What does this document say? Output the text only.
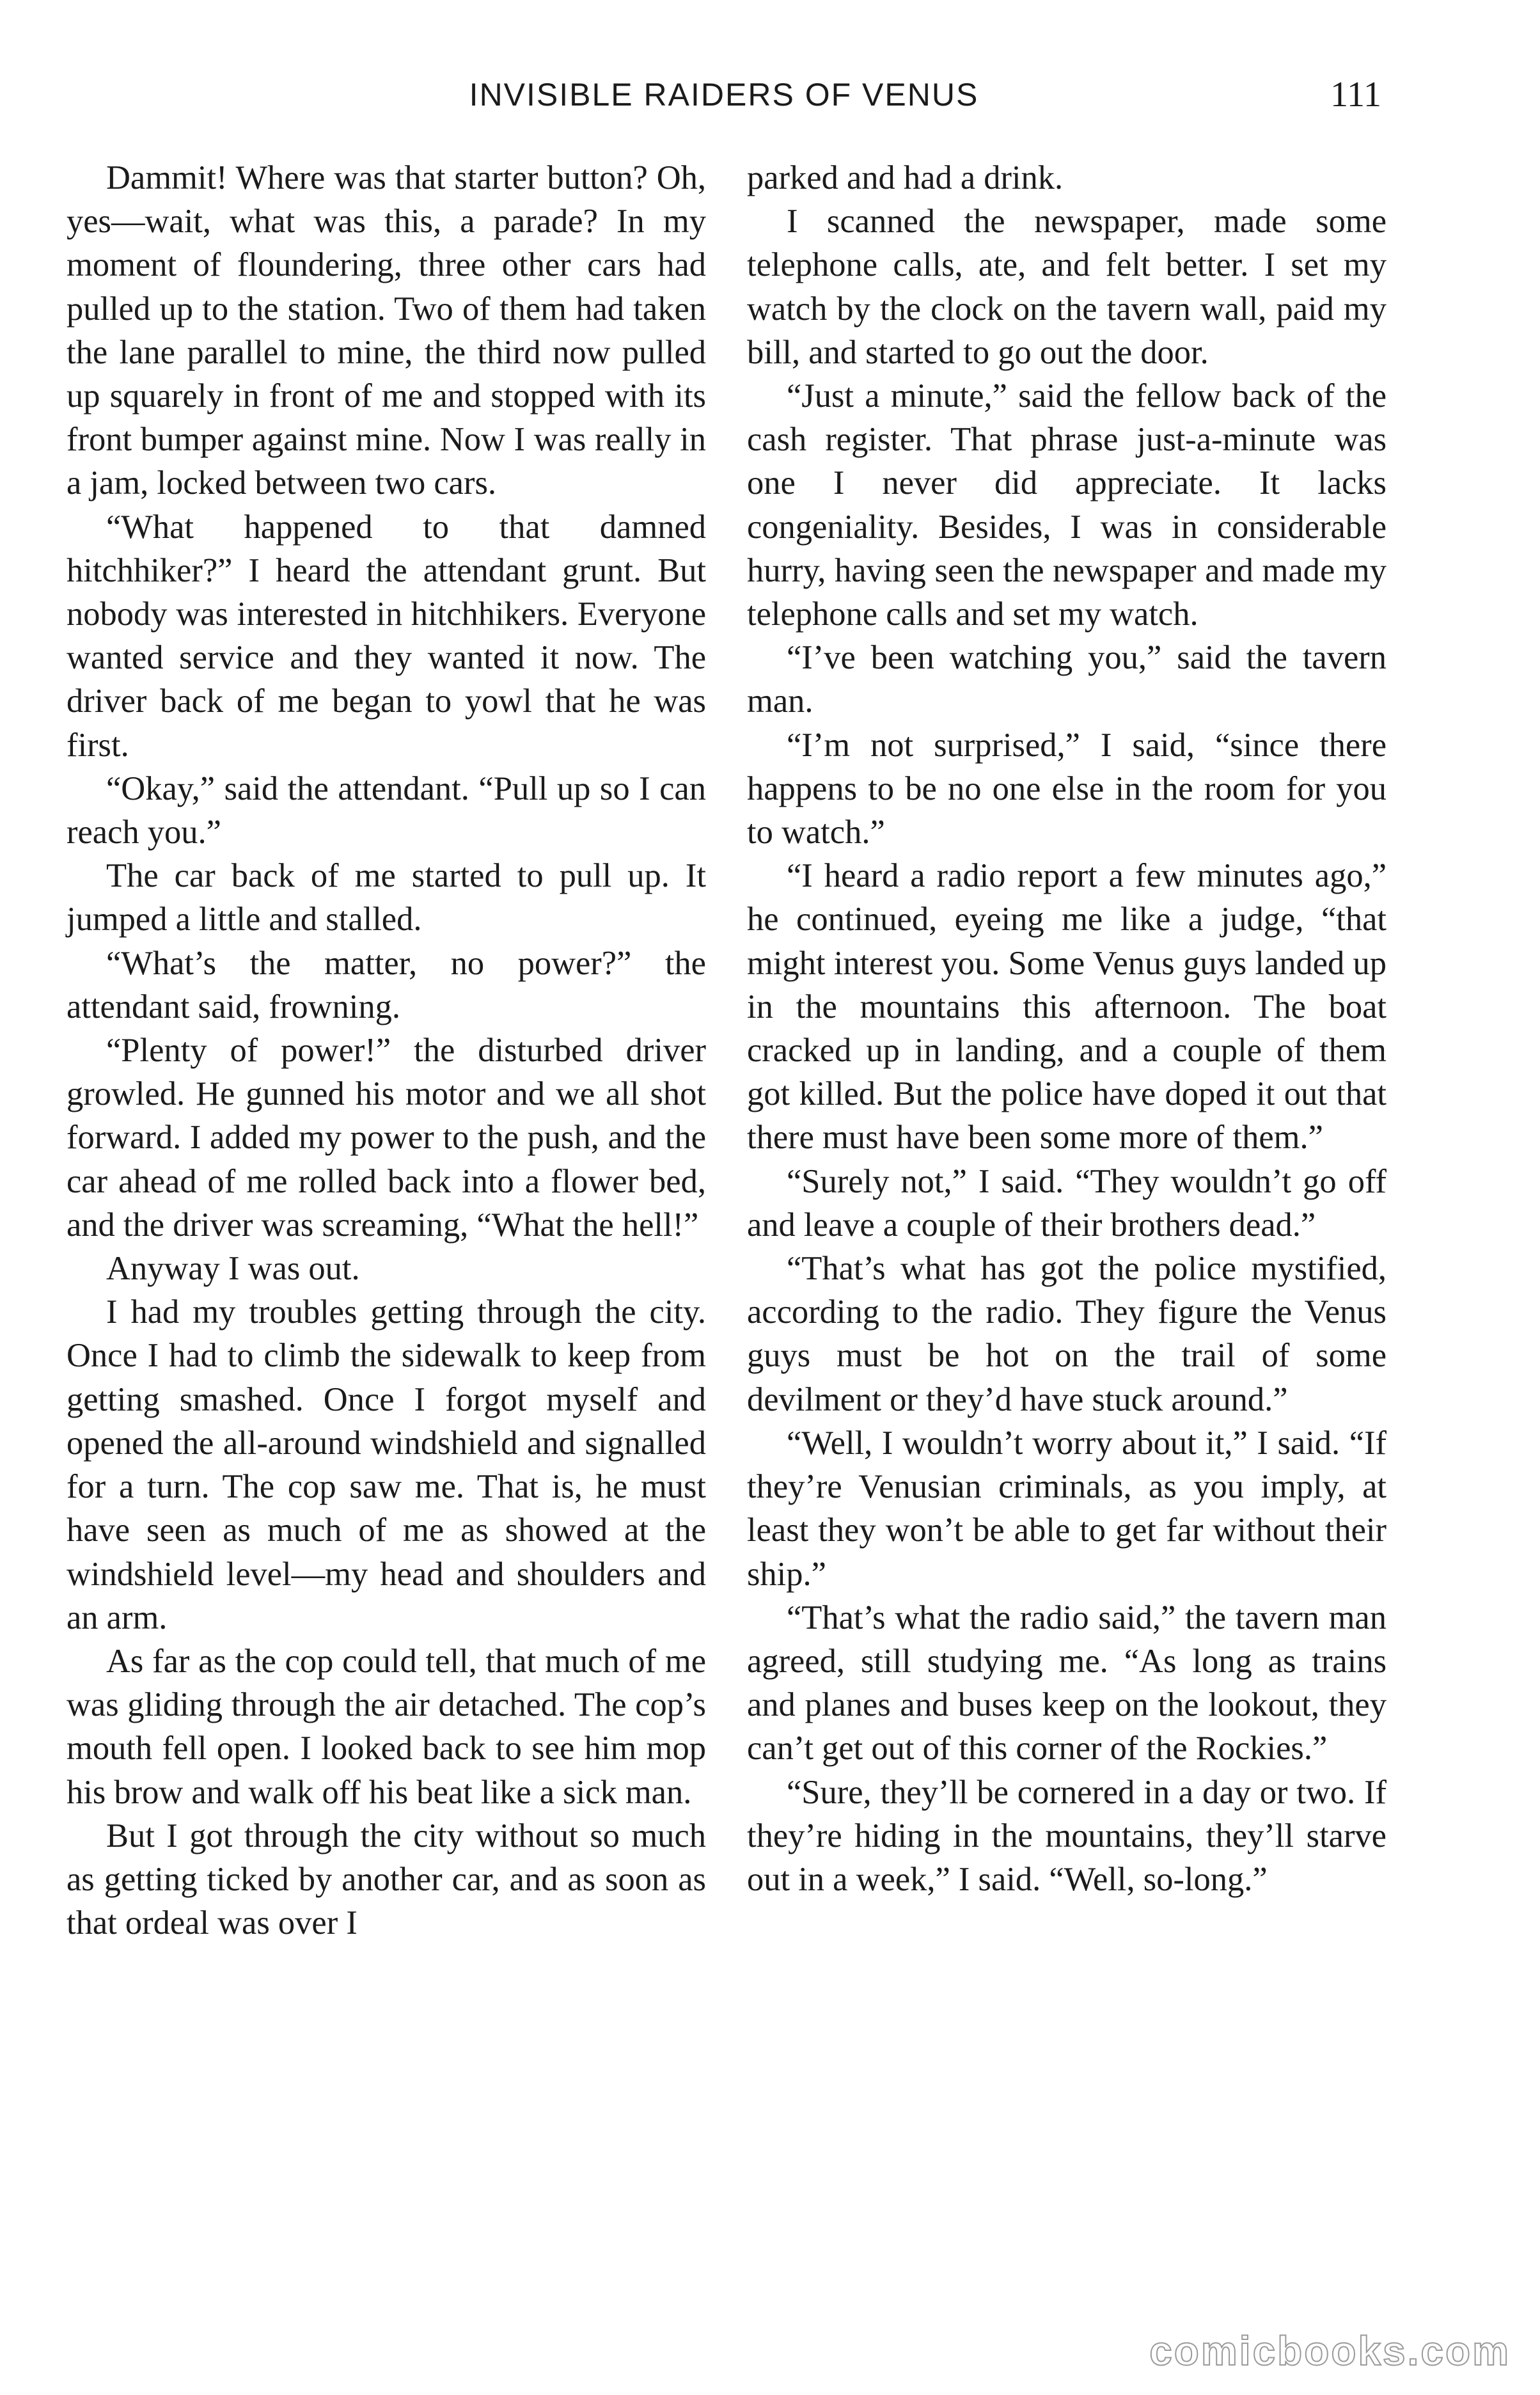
INVISIBLE RAIDERS OF VENUS	111

Dammit! Where was that starter button? Oh, yes—wait, what was this, a parade? In my moment of floundering, three other cars had pulled up to the station. Two of them had taken the lane parallel to mine, the third now pulled up squarely in front of me and stopped with its front bumper against mine. Now I was really in a jam, locked between two cars.

“What happened to that damned hitchhiker?” I heard the attendant grunt. But nobody was interested in hitchhikers. Everyone wanted service and they wanted it now. The driver back of me began to yowl that he was first.

“Okay,” said the attendant. “Pull up so I can reach you.”

The car back of me started to pull up. It jumped a little and stalled.

“What’s the matter, no power?” the attendant said, frowning.

“Plenty of power!” the disturbed driver growled. He gunned his motor and we all shot forward. I added my power to the push, and the car ahead of me rolled back into a flower bed, and the driver was screaming, “What the hell!”

Anyway I was out.

I had my troubles getting through the city. Once I had to climb the sidewalk to keep from getting smashed. Once I forgot myself and opened the all-around windshield and signalled for a turn. The cop saw me. That is, he must have seen as much of me as showed at the windshield level—my head and shoulders and an arm.

As far as the cop could tell, that much of me was gliding through the air detached. The cop’s mouth fell open. I looked back to see him mop his brow and walk off his beat like a sick man.

But I got through the city without so much as getting ticked by another car, and as soon as that ordeal was over I

parked and had a drink.

I scanned the newspaper, made some telephone calls, ate, and felt better. I set my watch by the clock on the tavern wall, paid my bill, and started to go out the door.

“Just a minute,” said the fellow back of the cash register. That phrase just-a-minute was one I never did appreciate. It lacks congeniality. Besides, I was in considerable hurry, having seen the newspaper and made my telephone calls and set my watch.

“I’ve been watching you,” said the tavern man.

“I’m not surprised,” I said, “since there happens to be no one else in the room for you to watch.”

“I heard a radio report a few minutes ago,” he continued, eyeing me like a judge, “that might interest you. Some Venus guys landed up in the mountains this afternoon. The boat cracked up in landing, and a couple of them got killed. But the police have doped it out that there must have been some more of them.”

“Surely not,” I said. “They wouldn’t go off and leave a couple of their brothers dead.”

“That’s what has got the police mystified, according to the radio. They figure the Venus guys must be hot on the trail of some devilment or they’d have stuck around.”

“Well, I wouldn’t worry about it,” I said. “If they’re Venusian criminals, as you imply, at least they won’t be able to get far without their ship.”

“That’s what the radio said,” the tavern man agreed, still studying me. “As long as trains and planes and buses keep on the lookout, they can’t get out of this corner of the Rockies.”

“Sure, they’ll be cornered in a day or two. If they’re hiding in the mountains, they’ll starve out in a week,” I said. “Well, so-long.”

comicbooks.com
